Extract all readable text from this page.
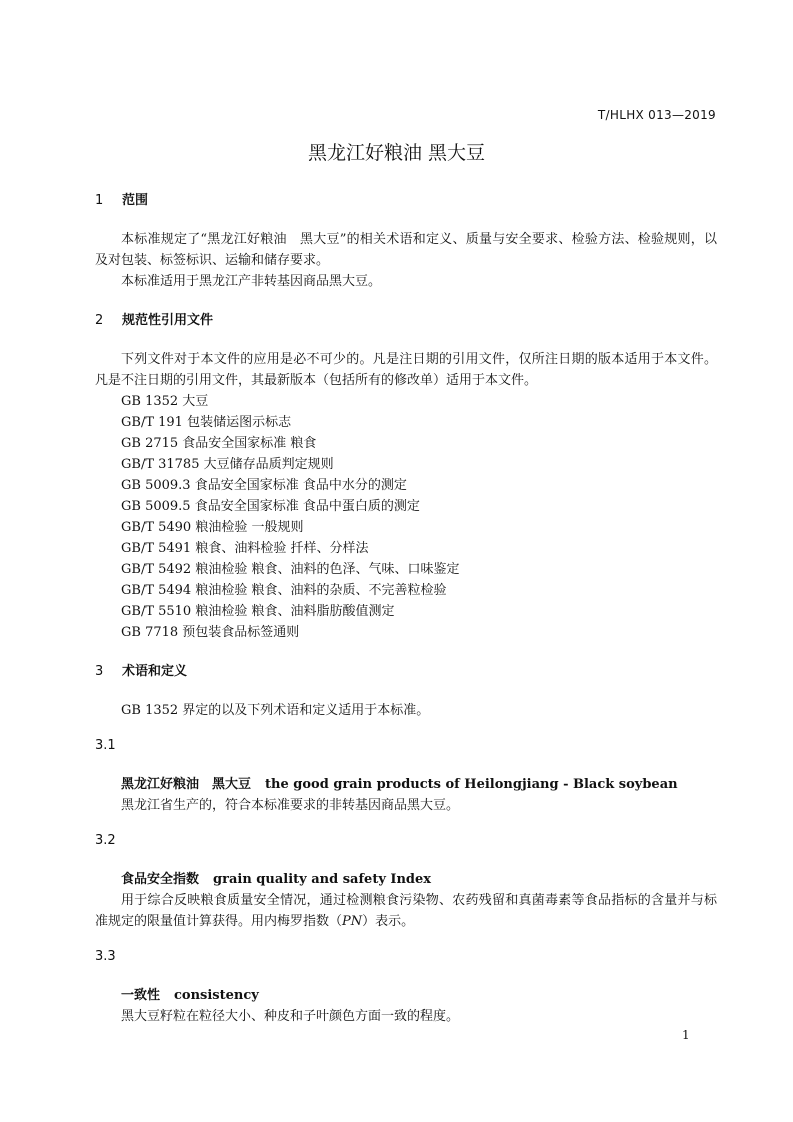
T/HLHX 013—2019
黑龙江好粮油 黑大豆
1	范围

本标准规定了“黑龙江好粮油　黑大豆”的相关术语和定义、质量与安全要求、检验方法、检验规则，以及对包装、标签标识、运输和储存要求。

本标准适用于黑龙江产非转基因商品黑大豆。

2	规范性引用文件

下列文件对于本文件的应用是必不可少的。凡是注日期的引用文件，仅所注日期的版本适用于本文件。凡是不注日期的引用文件，其最新版本（包括所有的修改单）适用于本文件。

GB 1352 大豆

GB/T 191 包装储运图示标志

GB 2715 食品安全国家标准 粮食

GB/T 31785 大豆储存品质判定规则

GB 5009.3 食品安全国家标准 食品中水分的测定

GB 5009.5 食品安全国家标准 食品中蛋白质的测定

GB/T 5490 粮油检验 一般规则

GB/T 5491 粮食、油料检验 扦样、分样法

GB/T 5492 粮油检验 粮食、油料的色泽、气味、口味鉴定

GB/T 5494 粮油检验 粮食、油料的杂质、不完善粒检验

GB/T 5510 粮油检验 粮食、油料脂肪酸值测定

GB 7718 预包装食品标签通则

3	术语和定义

GB 1352 界定的以及下列术语和定义适用于本标准。

3.1

黑龙江好粮油　黑大豆 the good grain products of Heilongjiang - Black soybean

黑龙江省生产的，符合本标准要求的非转基因商品黑大豆。

3.2

食品安全指数 grain quality and safety Index

用于综合反映粮食质量安全情况，通过检测粮食污染物、农药残留和真菌毒素等食品指标的含量并与标准规定的限量值计算获得。用内梅罗指数（PN）表示。

3.3

一致性 consistency

黑大豆籽粒在粒径大小、种皮和子叶颜色方面一致的程度。

1
